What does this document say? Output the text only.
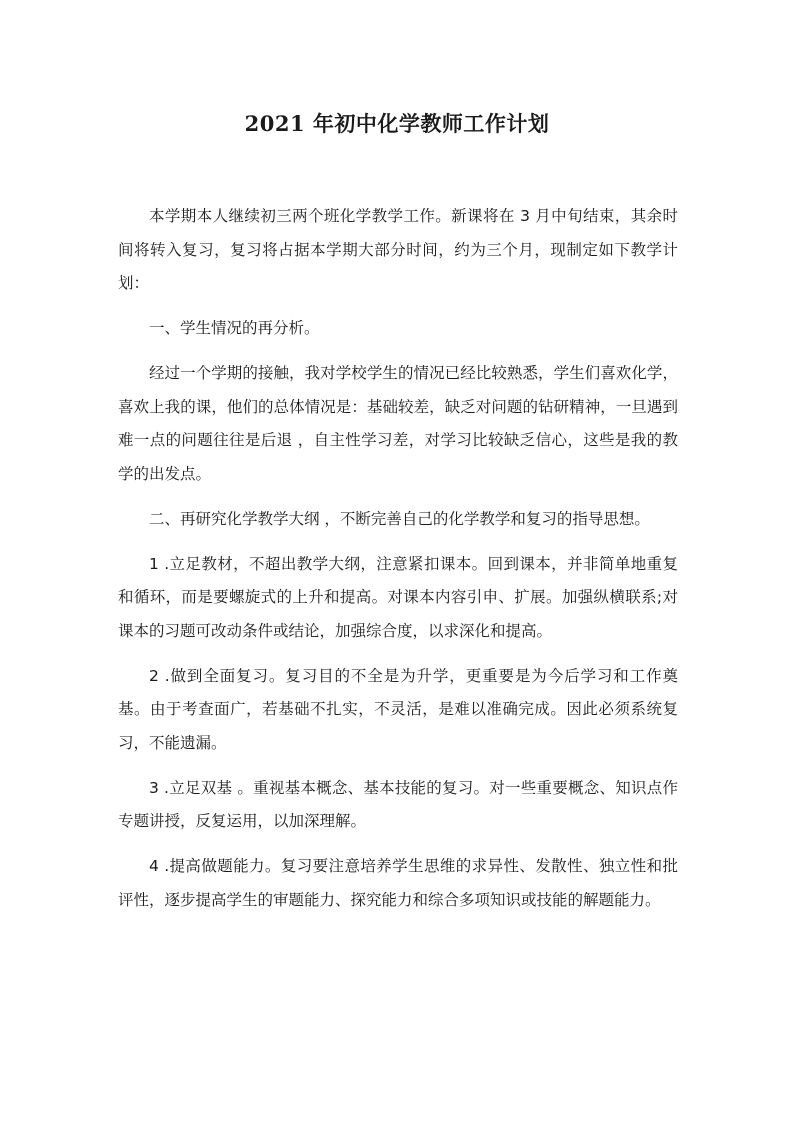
2021 年初中化学教师工作计划

本学期本人继续初三两个班化学教学工作。新课将在 3 月中旬结束，其余时间将转入复习，复习将占据本学期大部分时间，约为三个月，现制定如下教学计划：

一、学生情况的再分析。

经过一个学期的接触，我对学校学生的情况已经比较熟悉，学生们喜欢化学，喜欢上我的课，他们的总体情况是：基础较差，缺乏对问题的钻研精神，一旦遇到难一点的问题往往是后退 ，自主性学习差，对学习比较缺乏信心，这些是我的教学的出发点。

二、再研究化学教学大纲 ，不断完善自己的化学教学和复习的指导思想。

1 .立足教材，不超出教学大纲，注意紧扣课本。回到课本，并非简单地重复和循环，而是要螺旋式的上升和提高。对课本内容引申、扩展。加强纵横联系;对课本的习题可改动条件或结论，加强综合度，以求深化和提高。

2 .做到全面复习。复习目的不全是为升学，更重要是为今后学习和工作奠基。由于考查面广，若基础不扎实，不灵活，是难以准确完成。因此必须系统复习，不能遗漏。

3 .立足双基 。重视基本概念、基本技能的复习。对一些重要概念、知识点作专题讲授，反复运用，以加深理解。

4 .提高做题能力。复习要注意培养学生思维的求异性、发散性、独立性和批评性，逐步提高学生的审题能力、探究能力和综合多项知识或技能的解题能力。
